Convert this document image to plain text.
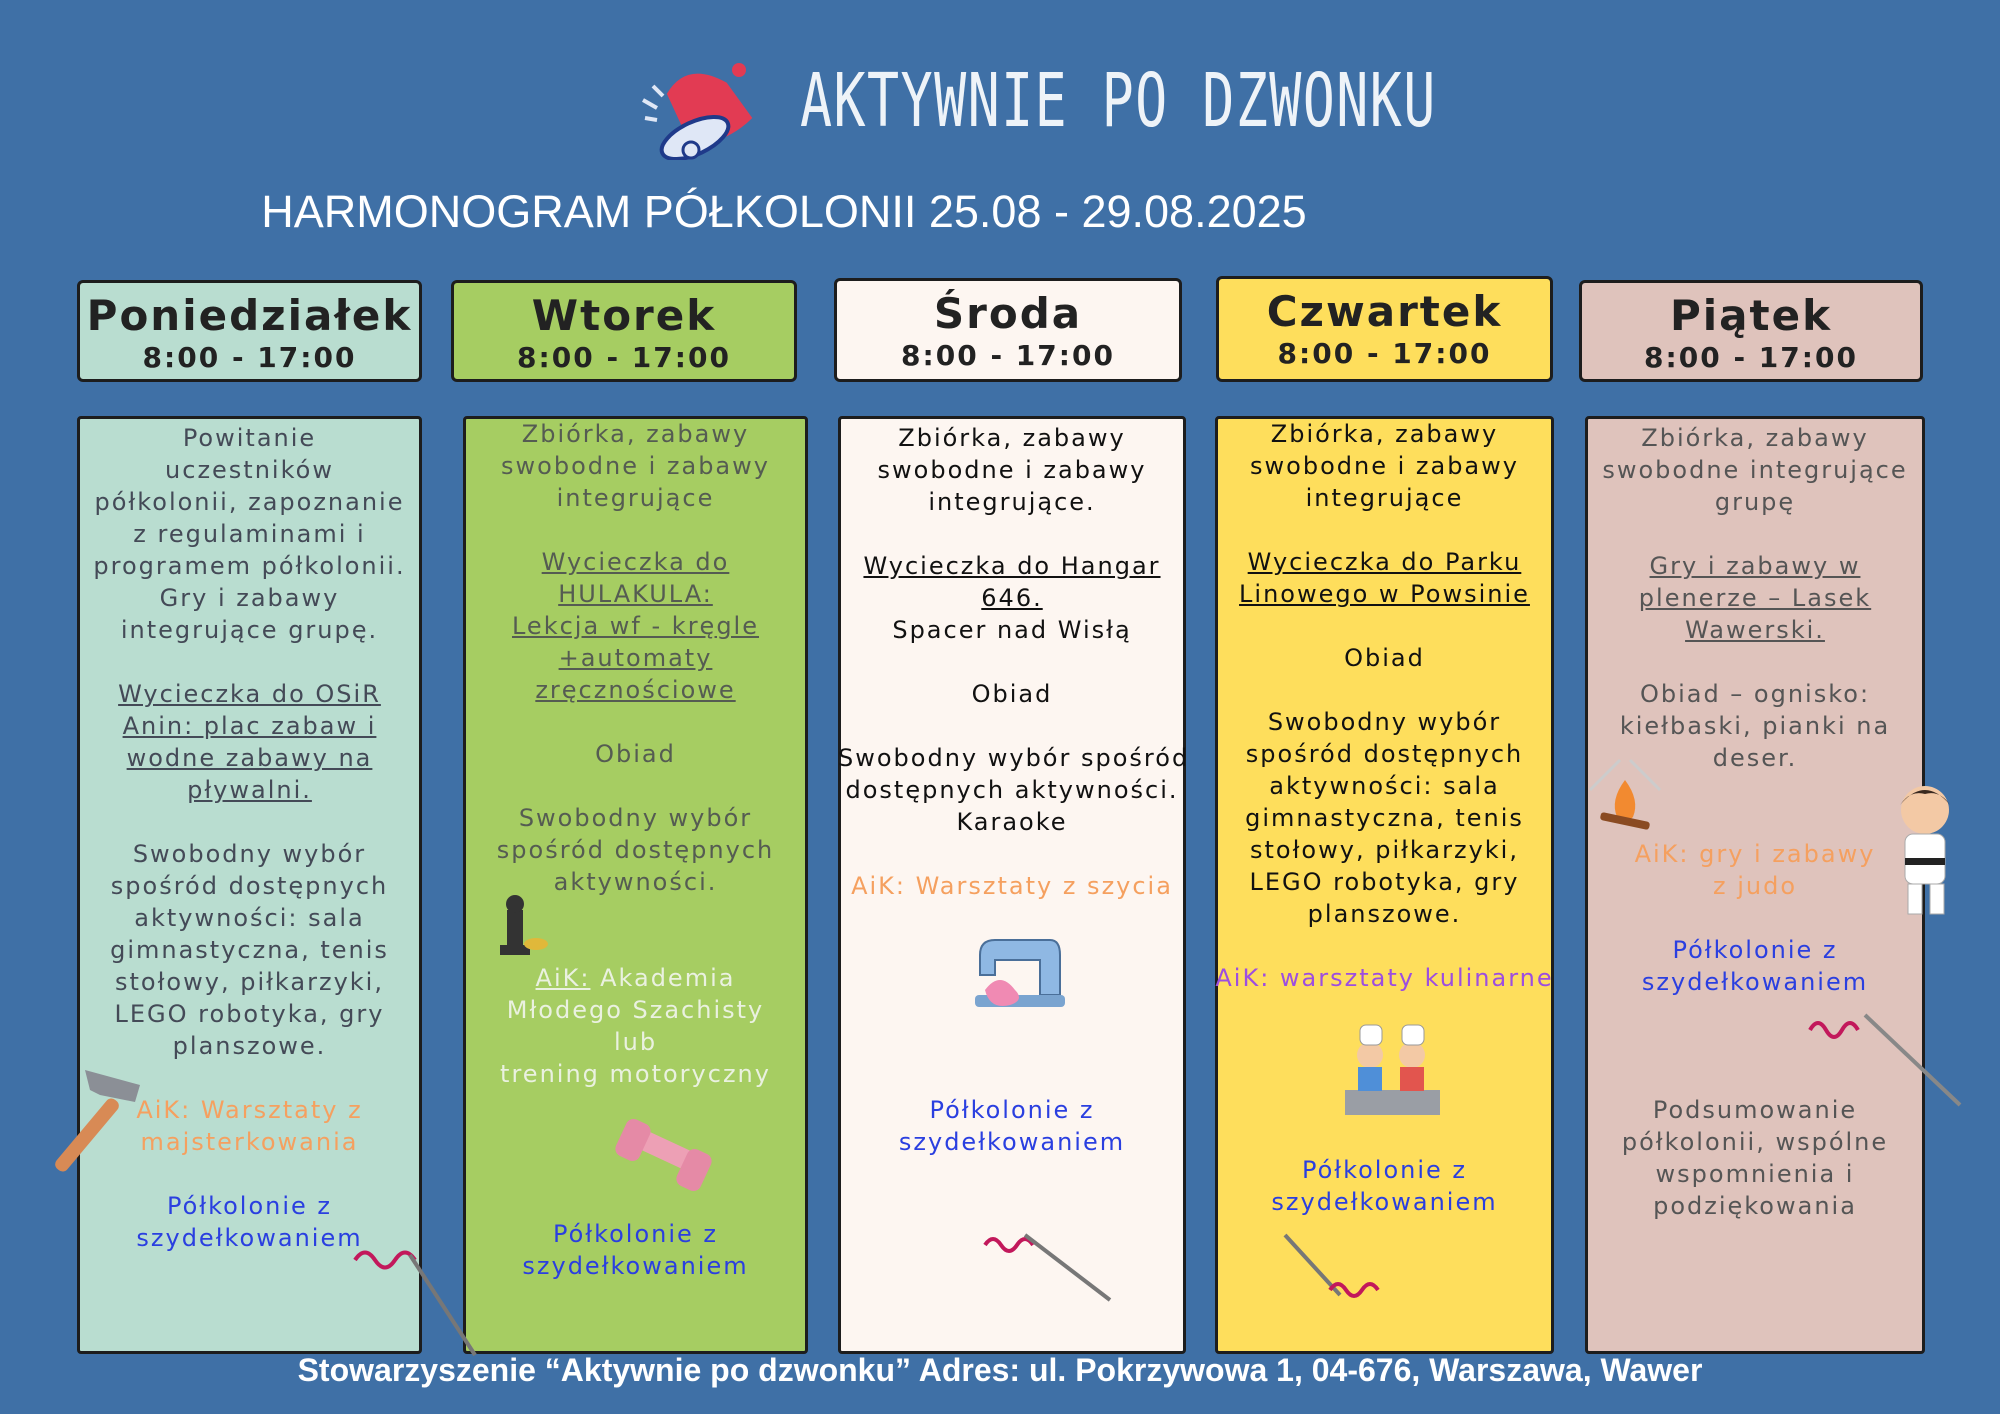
AKTYWNIE PO DZWONKU
HARMONOGRAM PÓŁKOLONII 25.08 - 29.08.2025
Poniedziałek
8:00 - 17:00
Wtorek
8:00 - 17:00
Środa
8:00 - 17:00
Czwartek
8:00 - 17:00
Piątek
8:00 - 17:00
Powitanie
uczestników
półkolonii, zapoznanie
z regulaminami i
programem półkolonii.
Gry i zabawy
integrujące grupę.

Wycieczka do OSiR
Anin: plac zabaw i
wodne zabawy na
pływalni.

Swobodny wybór
spośród dostępnych
aktywności: sala
gimnastyczna, tenis
stołowy, piłkarzyki,
LEGO robotyka, gry
planszowe.

AiK: Warsztaty z
majsterkowania

Półkolonie z
szydełkowaniem
Zbiórka, zabawy
swobodne i zabawy
integrujące

Wycieczka do
HULAKULA:
Lekcja wf - kręgle
+automaty
zręcznościowe

Obiad

Swobodny wybór
spośród dostępnych
aktywności.

AiK: Akademia
Młodego Szachisty
lub
trening motoryczny

Półkolonie z
szydełkowaniem
Zbiórka, zabawy
swobodne i zabawy
integrujące.

Wycieczka do Hangar
646.
Spacer nad Wisłą

Obiad

Swobodny wybór spośród
dostępnych aktywności.
Karaoke

AiK: Warsztaty z szycia

Półkolonie z
szydełkowaniem
Zbiórka, zabawy
swobodne i zabawy
integrujące

Wycieczka do Parku
Linowego w Powsinie

Obiad

Swobodny wybór
spośród dostępnych
aktywności: sala
gimnastyczna, tenis
stołowy, piłkarzyki,
LEGO robotyka, gry
planszowe.

AiK: warsztaty kulinarne

Półkolonie z
szydełkowaniem
Zbiórka, zabawy
swobodne integrujące
grupę

Gry i zabawy w
plenerze – Lasek
Wawerski.

Obiad – ognisko:
kiełbaski, pianki na
deser.

AiK: gry i zabawy
z judo

Półkolonie z
szydełkowaniem

Podsumowanie
półkolonii, wspólne
wspomnienia i
podziękowania
Stowarzyszenie “Aktywnie po dzwonku” Adres: ul. Pokrzywowa 1, 04-676, Warszawa, Wawer
